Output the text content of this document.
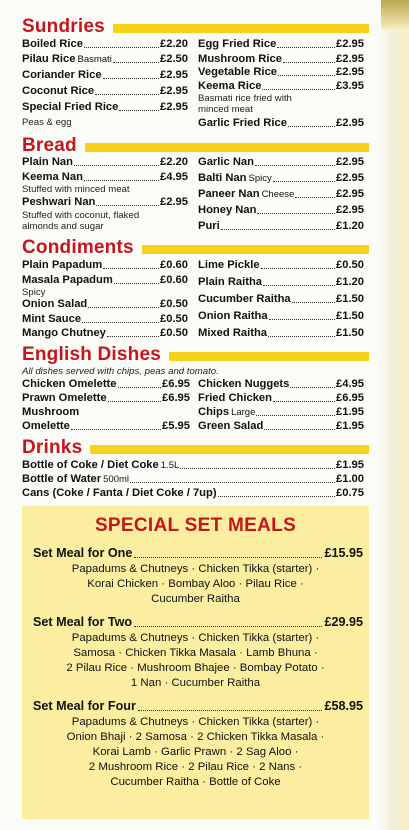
Sundries
Boiled Rice	£2.20
Pilau Rice Basmati	£2.50
Coriander Rice	£2.95
Coconut Rice	£2.95
Special Fried Rice	£2.95
Peas & egg
Egg Fried Rice	£2.95
Mushroom Rice	£2.95
Vegetable Rice	£2.95
Keema Rice	£3.95
Basmati rice fried with
minced meat
Garlic Fried Rice	£2.95
Bread
Plain Nan	£2.20
Keema Nan	£4.95
Stuffed with minced meat
Peshwari Nan	£2.95
Stuffed with coconut, flaked
almonds and sugar
Garlic Nan	£2.95
Balti Nan Spicy	£2.95
Paneer Nan Cheese	£2.95
Honey Nan	£2.95
Puri	£1.20
Condiments
Plain Papadum	£0.60
Masala Papadum	£0.60
Spicy
Onion Salad	£0.50
Mint Sauce	£0.50
Mango Chutney	£0.50
Lime Pickle	£0.50
Plain Raitha	£1.20
Cucumber Raitha	£1.50
Onion Raitha	£1.50
Mixed Raitha	£1.50
English Dishes
All dishes served with chips, peas and tomato.
Chicken Omelette	£6.95
Prawn Omelette	£6.95
Mushroom
Omelette	£5.95
Chicken Nuggets	£4.95
Fried Chicken	£6.95
Chips Large	£1.95
Green Salad	£1.95
Drinks
Bottle of Coke / Diet Coke 1.5L	£1.95
Bottle of Water 500ml	£1.00
Cans (Coke / Fanta / Diet Coke / 7up)	£0.75
SPECIAL SET MEALS
Set Meal for One	£15.95
Papadums & Chutneys · Chicken Tikka (starter) ·
Korai Chicken · Bombay Aloo · Pilau Rice ·
Cucumber Raitha
Set Meal for Two	£29.95
Papadums & Chutneys · Chicken Tikka (starter) ·
Samosa · Chicken Tikka Masala · Lamb Bhuna ·
2 Pilau Rice · Mushroom Bhajee · Bombay Potato ·
1 Nan · Cucumber Raitha
Set Meal for Four	£58.95
Papadums & Chutneys · Chicken Tikka (starter) ·
Onion Bhaji · 2 Samosa · 2 Chicken Tikka Masala ·
Korai Lamb · Garlic Prawn · 2 Sag Aloo ·
2 Mushroom Rice · 2 Pilau Rice · 2 Nans ·
Cucumber Raitha · Bottle of Coke
